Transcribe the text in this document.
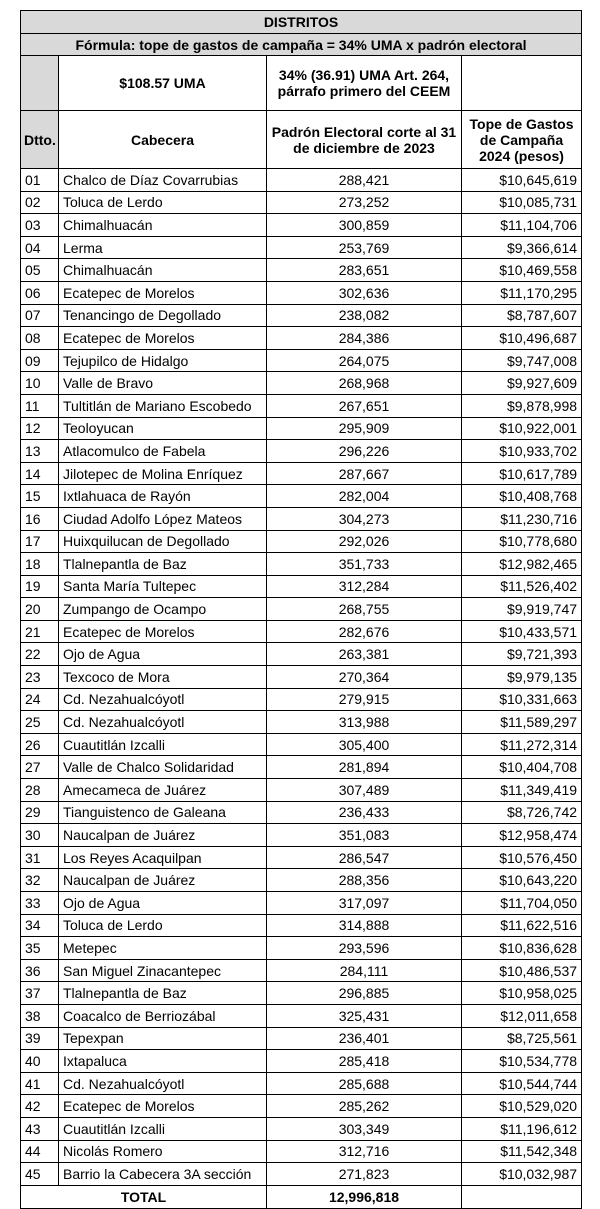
DISTRITOS			
Fórmula: tope de gastos de campaña = 34% UMA x padrón electoral			
	$108.57 UMA	34% (36.91) UMA Art. 264, párrafo primero del CEEM	
Dtto.	Cabecera	Padrón Electoral corte al 31 de diciembre de 2023	Tope de Gastos de Campaña 2024 (pesos)
01	Chalco de Díaz Covarrubias	288,421	$10,645,619
02	Toluca de Lerdo	273,252	$10,085,731
03	Chimalhuacán	300,859	$11,104,706
04	Lerma	253,769	$9,366,614
05	Chimalhuacán	283,651	$10,469,558
06	Ecatepec de Morelos	302,636	$11,170,295
07	Tenancingo de Degollado	238,082	$8,787,607
08	Ecatepec de Morelos	284,386	$10,496,687
09	Tejupilco de Hidalgo	264,075	$9,747,008
10	Valle de Bravo	268,968	$9,927,609
11	Tultitlán de Mariano Escobedo	267,651	$9,878,998
12	Teoloyucan	295,909	$10,922,001
13	Atlacomulco de Fabela	296,226	$10,933,702
14	Jilotepec de Molina Enríquez	287,667	$10,617,789
15	Ixtlahuaca de Rayón	282,004	$10,408,768
16	Ciudad Adolfo López Mateos	304,273	$11,230,716
17	Huixquilucan de Degollado	292,026	$10,778,680
18	Tlalnepantla de Baz	351,733	$12,982,465
19	Santa María Tultepec	312,284	$11,526,402
20	Zumpango de Ocampo	268,755	$9,919,747
21	Ecatepec de Morelos	282,676	$10,433,571
22	Ojo de Agua	263,381	$9,721,393
23	Texcoco de Mora	270,364	$9,979,135
24	Cd. Nezahualcóyotl	279,915	$10,331,663
25	Cd. Nezahualcóyotl	313,988	$11,589,297
26	Cuautitlán Izcalli	305,400	$11,272,314
27	Valle de Chalco Solidaridad	281,894	$10,404,708
28	Amecameca de Juárez	307,489	$11,349,419
29	Tianguistenco de Galeana	236,433	$8,726,742
30	Naucalpan de Juárez	351,083	$12,958,474
31	Los Reyes Acaquilpan	286,547	$10,576,450
32	Naucalpan de Juárez	288,356	$10,643,220
33	Ojo de Agua	317,097	$11,704,050
34	Toluca de Lerdo	314,888	$11,622,516
35	Metepec	293,596	$10,836,628
36	San Miguel Zinacantepec	284,111	$10,486,537
37	Tlalnepantla de Baz	296,885	$10,958,025
38	Coacalco de Berriozábal	325,431	$12,011,658
39	Tepexpan	236,401	$8,725,561
40	Ixtapaluca	285,418	$10,534,778
41	Cd. Nezahualcóyotl	285,688	$10,544,744
42	Ecatepec de Morelos	285,262	$10,529,020
43	Cuautitlán Izcalli	303,349	$11,196,612
44	Nicolás Romero	312,716	$11,542,348
45	Barrio la Cabecera 3A sección	271,823	$10,032,987
TOTAL		12,996,818	
